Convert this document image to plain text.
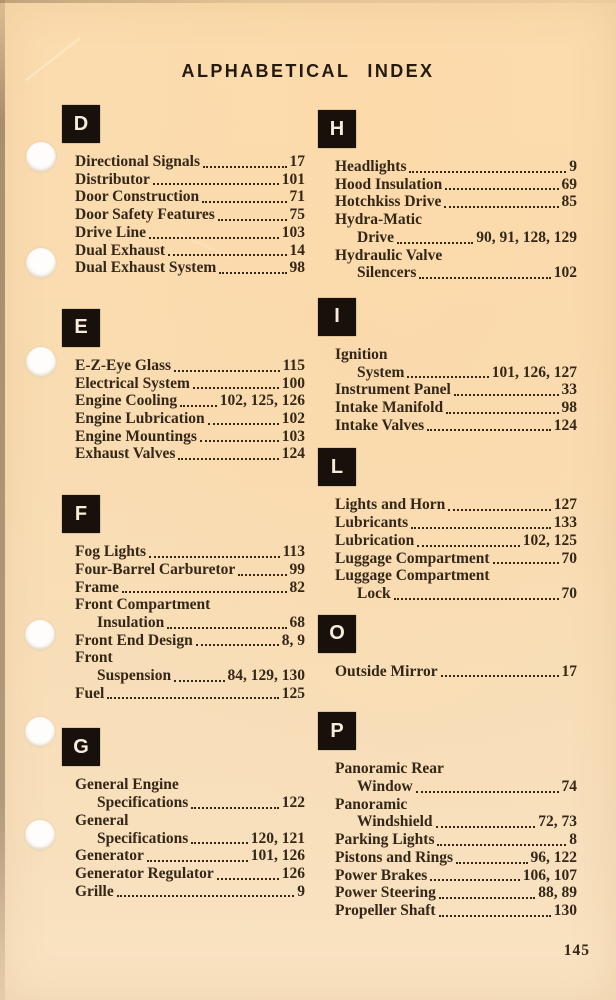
ALPHABETICAL INDEX
D
Directional Signals	17
Distributor	101
Door Construction	71
Door Safety Features	75
Drive Line	103
Dual Exhaust	14
Dual Exhaust System	98
E
E-Z-Eye Glass	115
Electrical System	100
Engine Cooling	102, 125, 126
Engine Lubrication	102
Engine Mountings	103
Exhaust Valves	124
F
Fog Lights	113
Four-Barrel Carburetor	99
Frame	82
Front Compartment
Insulation	68
Front End Design	8, 9
Front
Suspension	84, 129, 130
Fuel	125
G
General Engine
Specifications	122
General
Specifications	120, 121
Generator	101, 126
Generator Regulator	126
Grille	9
H
Headlights	9
Hood Insulation	69
Hotchkiss Drive	85
Hydra-Matic
Drive	90, 91, 128, 129
Hydraulic Valve
Silencers	102
I
Ignition
System	101, 126, 127
Instrument Panel	33
Intake Manifold	98
Intake Valves	124
L
Lights and Horn	127
Lubricants	133
Lubrication	102, 125
Luggage Compartment	70
Luggage Compartment
Lock	70
O
Outside Mirror	17
P
Panoramic Rear
Window	74
Panoramic
Windshield	72, 73
Parking Lights	8
Pistons and Rings	96, 122
Power Brakes	106, 107
Power Steering	88, 89
Propeller Shaft	130
145
